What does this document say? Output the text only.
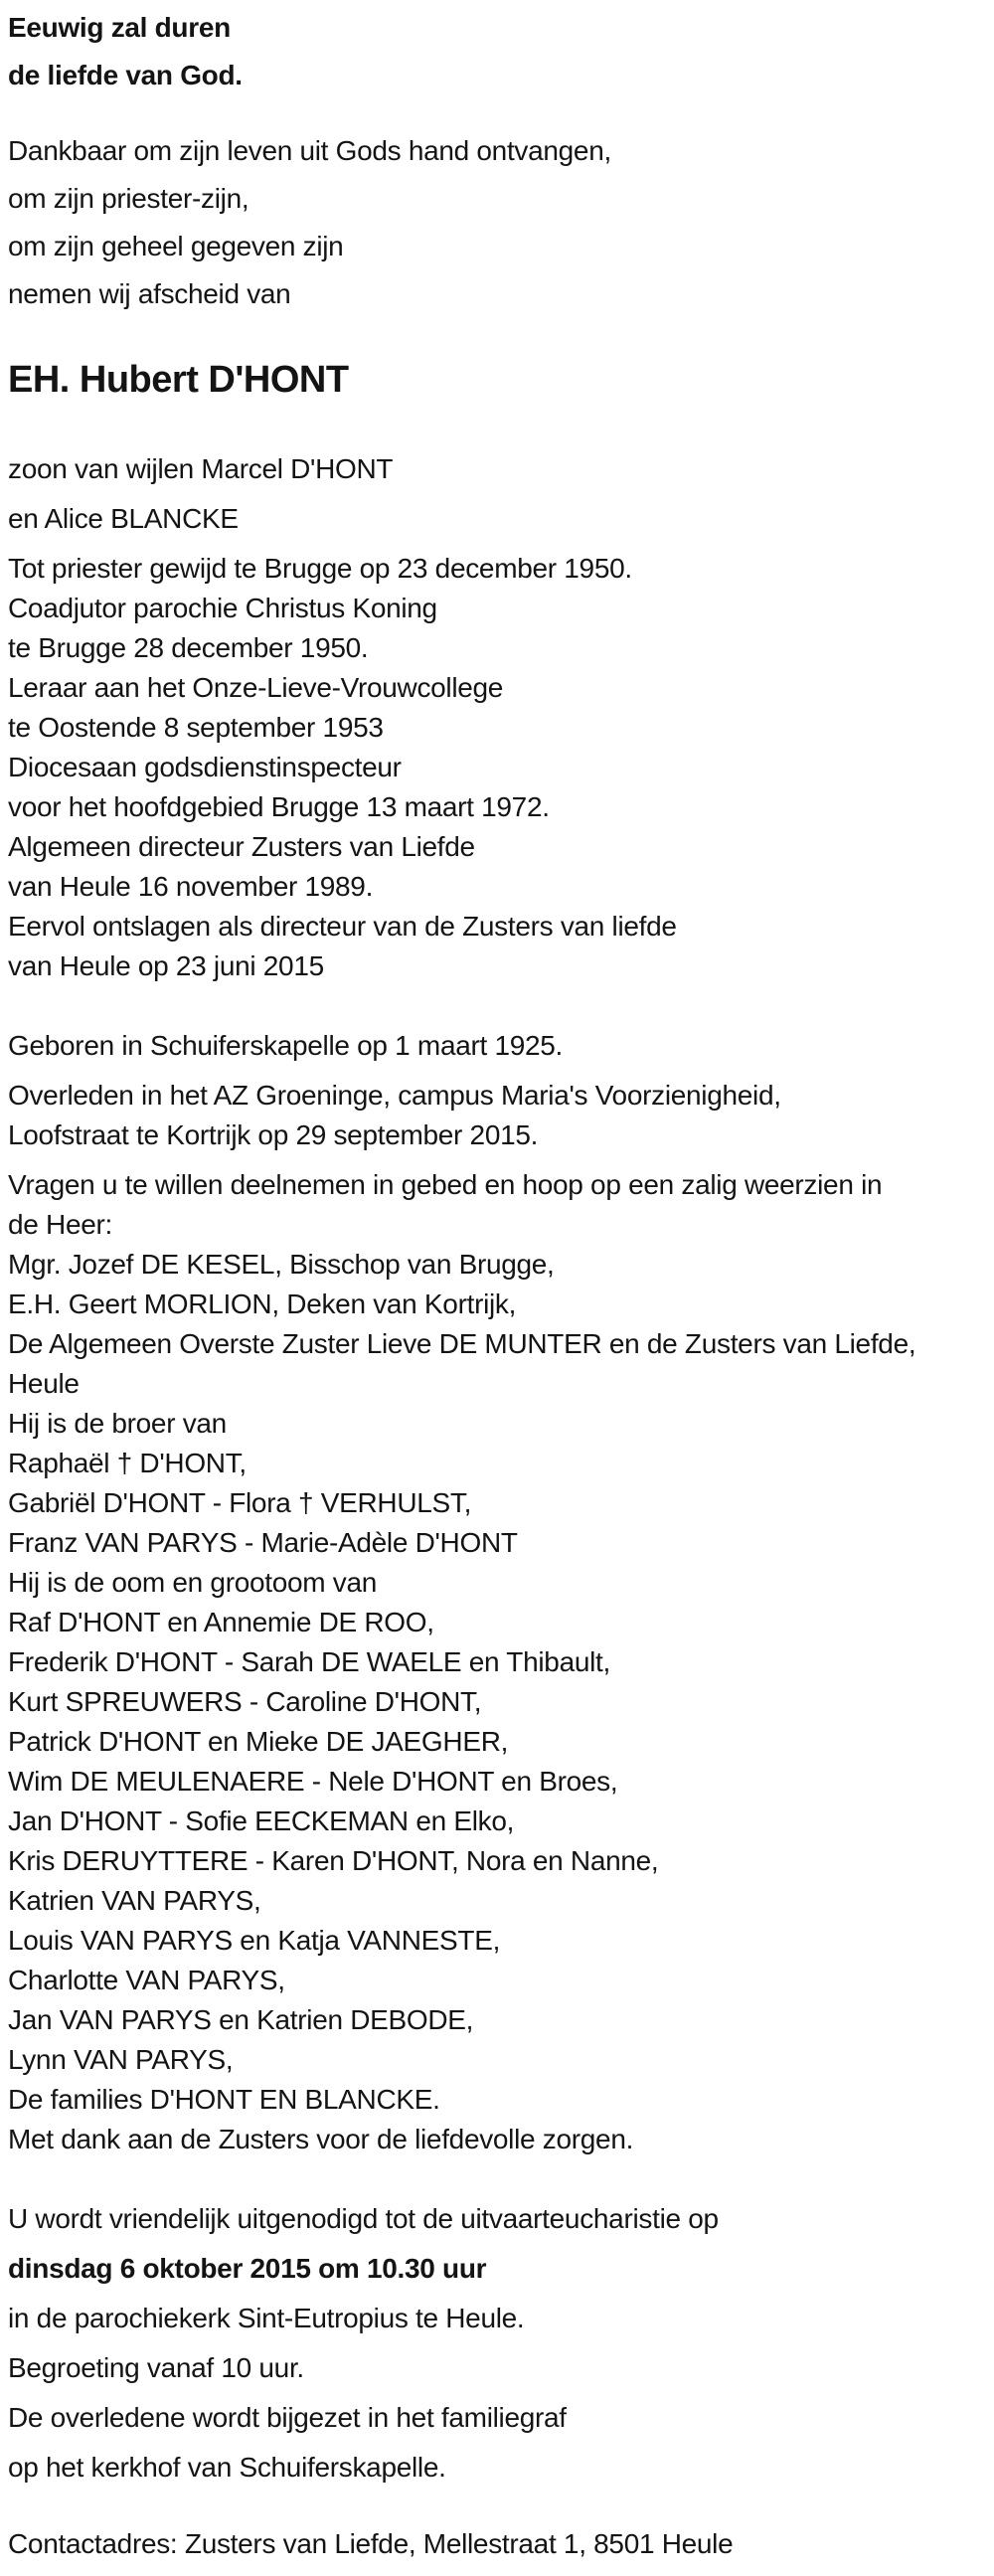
Eeuwig zal duren
de liefde van God.
Dankbaar om zijn leven uit Gods hand ontvangen,
om zijn priester-zijn,
om zijn geheel gegeven zijn
nemen wij afscheid van
EH. Hubert D'HONT
zoon van wijlen Marcel D'HONT
en Alice BLANCKE
Tot priester gewijd te Brugge op 23 december 1950.
Coadjutor parochie Christus Koning
te Brugge 28 december 1950.
Leraar aan het Onze-Lieve-Vrouwcollege
te Oostende 8 september 1953
Diocesaan godsdienstinspecteur
voor het hoofdgebied Brugge 13 maart 1972.
Algemeen directeur Zusters van Liefde
van Heule 16 november 1989.
Eervol ontslagen als directeur van de Zusters van liefde
van Heule op 23 juni 2015
Geboren in Schuiferskapelle op 1 maart 1925.
Overleden in het AZ Groeninge, campus Maria's Voorzienigheid,
Loofstraat te Kortrijk op 29 september 2015.
Vragen u te willen deelnemen in gebed en hoop op een zalig weerzien in
de Heer:
Mgr. Jozef DE KESEL, Bisschop van Brugge,
E.H. Geert MORLION, Deken van Kortrijk,
De Algemeen Overste Zuster Lieve DE MUNTER en de Zusters van Liefde,
Heule
Hij is de broer van
Raphaël † D'HONT,
Gabriël D'HONT - Flora † VERHULST,
Franz VAN PARYS - Marie-Adèle D'HONT
Hij is de oom en grootoom van
Raf D'HONT en Annemie DE ROO,
Frederik D'HONT - Sarah DE WAELE en Thibault,
Kurt SPREUWERS - Caroline D'HONT,
Patrick D'HONT en Mieke DE JAEGHER,
Wim DE MEULENAERE - Nele D'HONT en Broes,
Jan D'HONT - Sofie EECKEMAN en Elko,
Kris DERUYTTERE - Karen D'HONT, Nora en Nanne,
Katrien VAN PARYS,
Louis VAN PARYS en Katja VANNESTE,
Charlotte VAN PARYS,
Jan VAN PARYS en Katrien DEBODE,
Lynn VAN PARYS,
De families D'HONT EN BLANCKE.
Met dank aan de Zusters voor de liefdevolle zorgen.
U wordt vriendelijk uitgenodigd tot de uitvaarteucharistie op
dinsdag 6 oktober 2015 om 10.30 uur
in de parochiekerk Sint-Eutropius te Heule.
Begroeting vanaf 10 uur.
De overledene wordt bijgezet in het familiegraf
op het kerkhof van Schuiferskapelle.
Contactadres: Zusters van Liefde, Mellestraat 1, 8501 Heule
